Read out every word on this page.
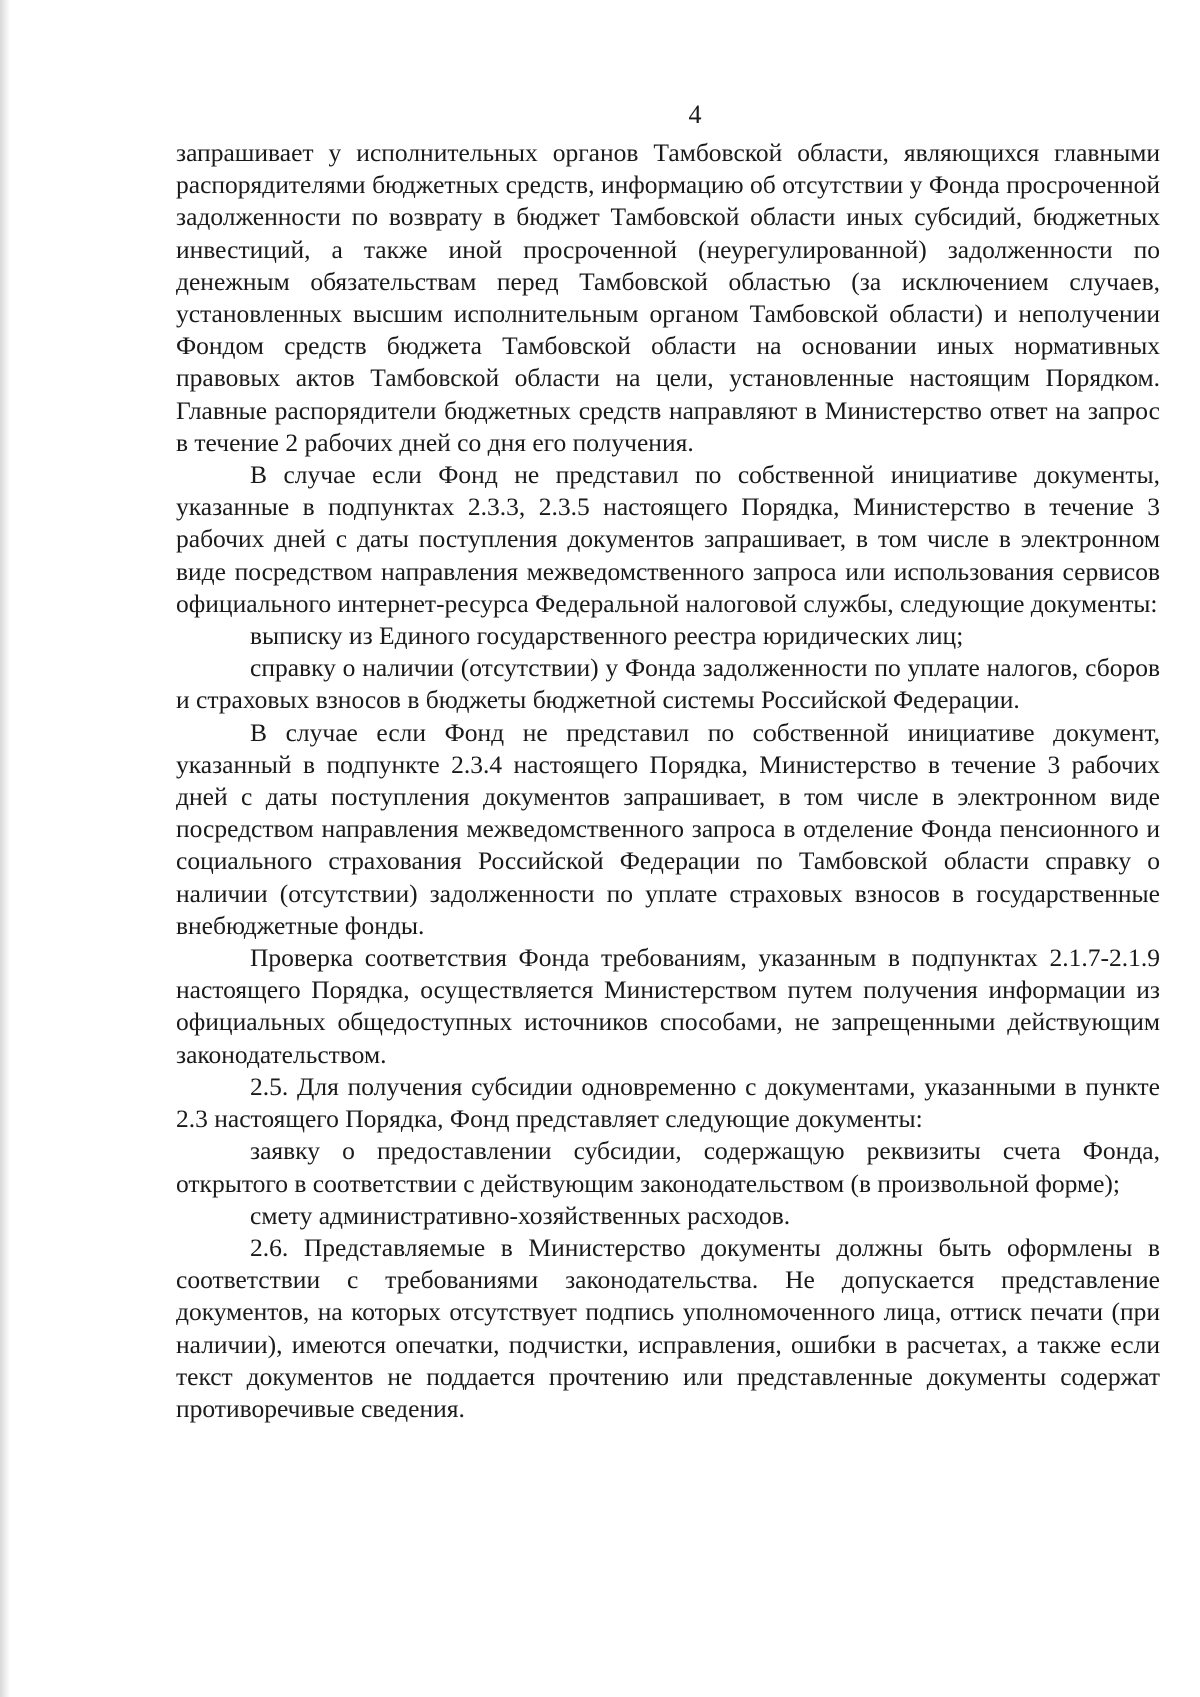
4

запрашивает у исполнительных органов Тамбовской области, являющихся главными распорядителями бюджетных средств, информацию об отсутствии у Фонда просроченной задолженности по возврату в бюджет Тамбовской области иных субсидий, бюджетных инвестиций, а также иной просроченной (неурегулированной) задолженности по денежным обязательствам перед Тамбовской областью (за исключением случаев, установленных высшим исполнительным органом Тамбовской области) и неполучении Фондом средств бюджета Тамбовской области на основании иных нормативных правовых актов Тамбовской области на цели, установленные настоящим Порядком. Главные распорядители бюджетных средств направляют в Министерство ответ на запрос в течение 2 рабочих дней со дня его получения.

В случае если Фонд не представил по собственной инициативе документы, указанные в подпунктах 2.3.3, 2.3.5 настоящего Порядка, Министерство в течение 3 рабочих дней с даты поступления документов запрашивает, в том числе в электронном виде посредством направления межведомственного запроса или использования сервисов официального интернет-ресурса Федеральной налоговой службы, следующие документы:

выписку из Единого государственного реестра юридических лиц;

справку о наличии (отсутствии) у Фонда задолженности по уплате налогов, сборов и страховых взносов в бюджеты бюджетной системы Российской Федерации.

В случае если Фонд не представил по собственной инициативе документ, указанный в подпункте 2.3.4 настоящего Порядка, Министерство в течение 3 рабочих дней с даты поступления документов запрашивает, в том числе в электронном виде посредством направления межведомственного запроса в отделение Фонда пенсионного и социального страхования Российской Федерации по Тамбовской области справку о наличии (отсутствии) задолженности по уплате страховых взносов в государственные внебюджетные фонды.

Проверка соответствия Фонда требованиям, указанным в подпунктах 2.1.7-2.1.9 настоящего Порядка, осуществляется Министерством путем получения информации из официальных общедоступных источников способами, не запрещенными действующим законодательством.

2.5. Для получения субсидии одновременно с документами, указанными в пункте 2.3 настоящего Порядка, Фонд представляет следующие документы:

заявку о предоставлении субсидии, содержащую реквизиты счета Фонда, открытого в соответствии с действующим законодательством (в произвольной форме);

смету административно-хозяйственных расходов.

2.6. Представляемые в Министерство документы должны быть оформлены в соответствии с требованиями законодательства. Не допускается представление документов, на которых отсутствует подпись уполномоченного лица, оттиск печати (при наличии), имеются опечатки, подчистки, исправления, ошибки в расчетах, а также если текст документов не поддается прочтению или представленные документы содержат противоречивые сведения.
